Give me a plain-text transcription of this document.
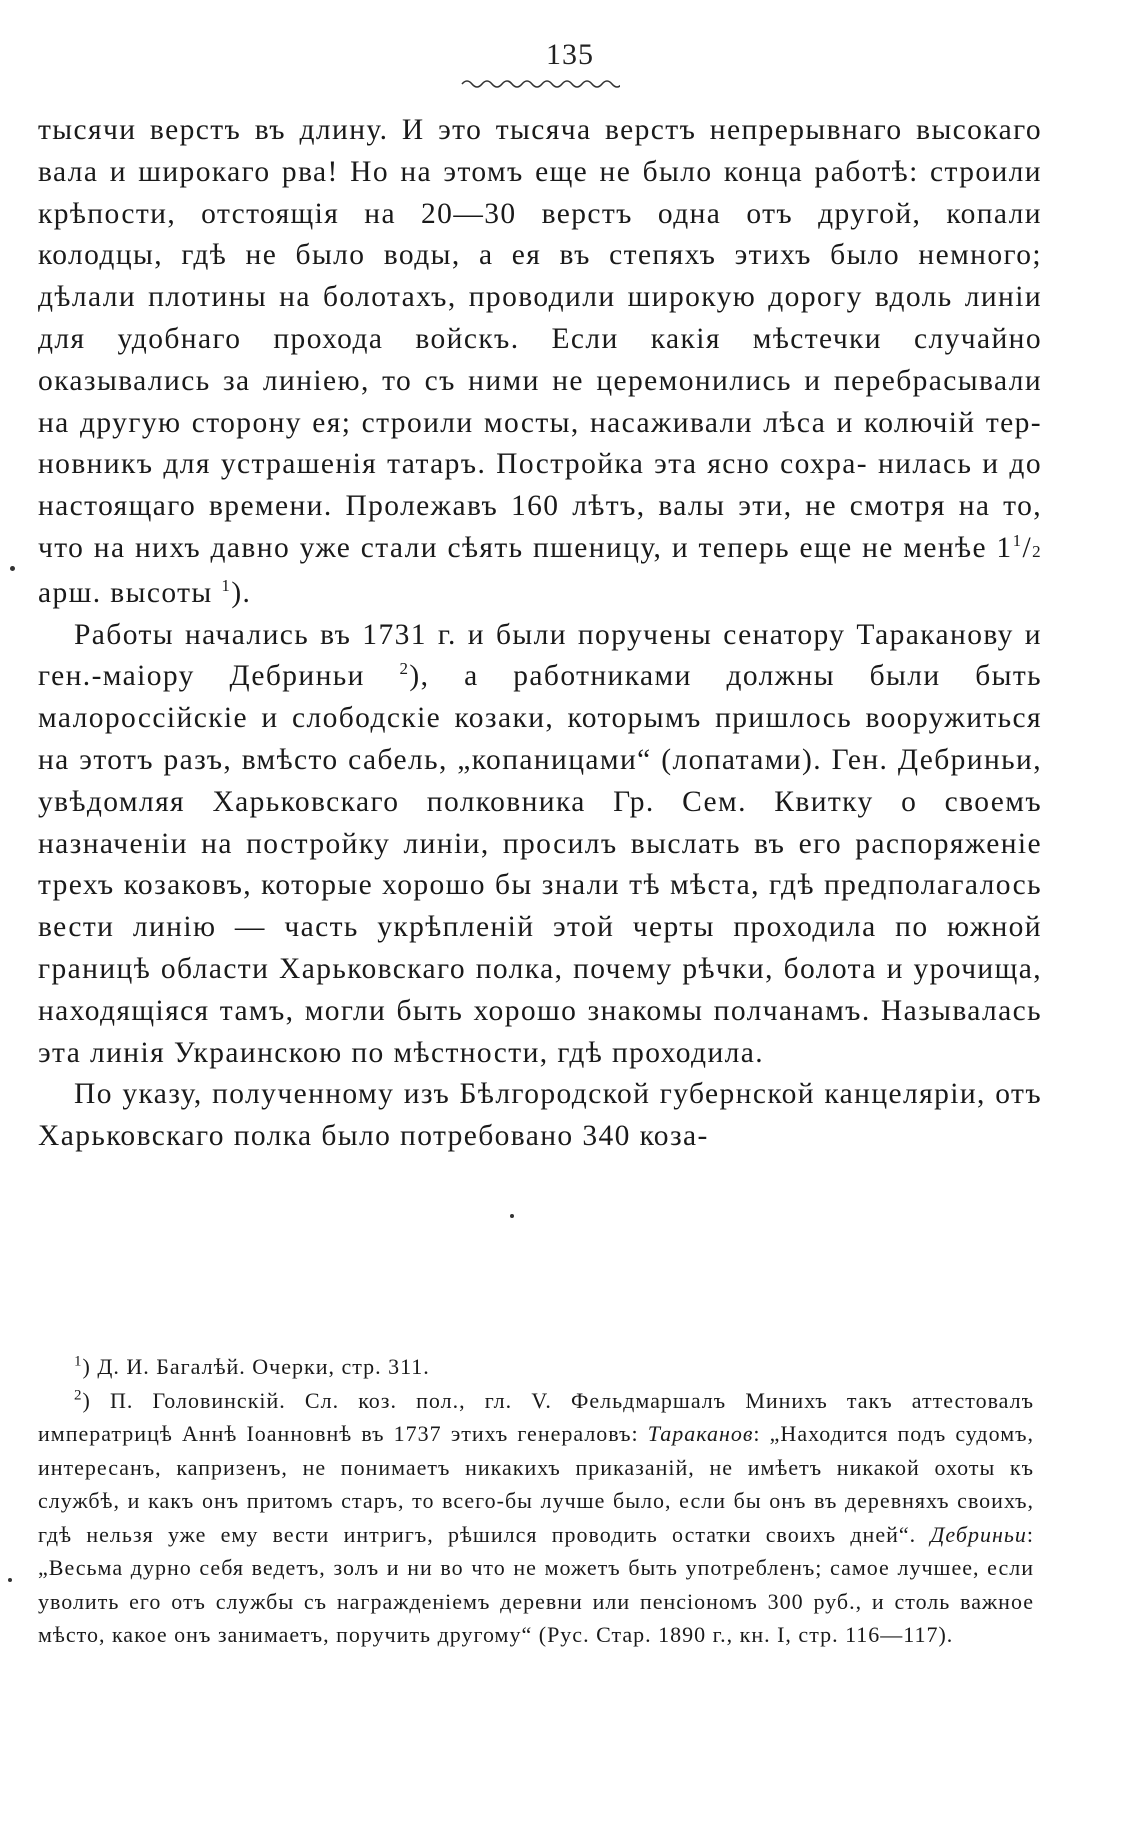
135

тысячи верстъ въ длину. И это тысяча верстъ непрерывнаго высокаго вала и широкаго рва! Но на этомъ еще не было конца работѣ: строили крѣпости, отстоящія на 20—30 верстъ одна отъ другой, копали колодцы, гдѣ не было воды, а ея въ степяхъ этихъ было немного; дѣлали плотины на болотахъ, проводили широкую дорогу вдоль линіи для удобнаго прохода войскъ. Если какія мѣстечки случайно оказывались за линіею, то съ ними не церемонились и перебрасывали на другую сторону ея; строили мосты, насаживали лѣса и колючій тер- новникъ для устрашенія татаръ. Постройка эта ясно сохра- нилась и до настоящаго времени. Пролежавъ 160 лѣтъ, валы эти, не смотря на то, что на нихъ давно уже стали сѣять пшеницу, и теперь еще не менѣе $1^1/2$ арш. высоты $^1$).

Работы начались въ 1731 г. и были поручены сенатору Тараканову и ген.-маіору Дебриньи $^2$), а работниками должны были быть малороссійскіе и слободскіе козаки, которымъ пришлось вооружиться на этотъ разъ, вмѣсто сабель, „копаницами“ (лопатами). Ген. Дебриньи, увѣдомляя Харьковскаго полковника Гр. Сем. Квитку о своемъ назначеніи на постройку линіи, просилъ выслать въ его распоряженіе трехъ козаковъ, которые хорошо бы знали тѣ мѣста, гдѣ предполагалось вести линію — часть укрѣпленій этой черты проходила по южной границѣ области Харьковскаго полка, почему рѣчки, болота и урочища, находящіяся тамъ, могли быть хорошо знакомы полчанамъ. Называлась эта линія Украинскою по мѣстности, гдѣ проходила.

По указу, полученному изъ Бѣлгородской губернской канцеляріи, отъ Харьковскаго полка было потребовано 340 коза-

$^1$) Д. И. Багалѣй. Очерки, стр. 311.

$^2$) П. Головинскій. Сл. коз. пол., гл. V. Фельдмаршалъ Минихъ такъ аттестовалъ императрицѣ Аннѣ Іоанновнѣ въ 1737 этихъ генераловъ: Тараканов: „Находится подъ судомъ, интересанъ, капризенъ, не понимаетъ никакихъ приказаній, не имѣетъ никакой охоты къ службѣ, и какъ онъ притомъ старъ, то всего-бы лучше было, если бы онъ въ деревняхъ своихъ, гдѣ нельзя уже ему вести интригъ, рѣшился проводить остатки своихъ дней“. Дебриньи: „Весьма дурно себя ведетъ, золъ и ни во что не можетъ быть употребленъ; самое лучшее, если уволить его отъ службы съ награжденіемъ деревни или пенсіономъ 300 руб., и столь важное мѣсто, какое онъ занимаетъ, поручить другому“ (Рус. Стар. 1890 г., кн. I, стр. 116—117).
